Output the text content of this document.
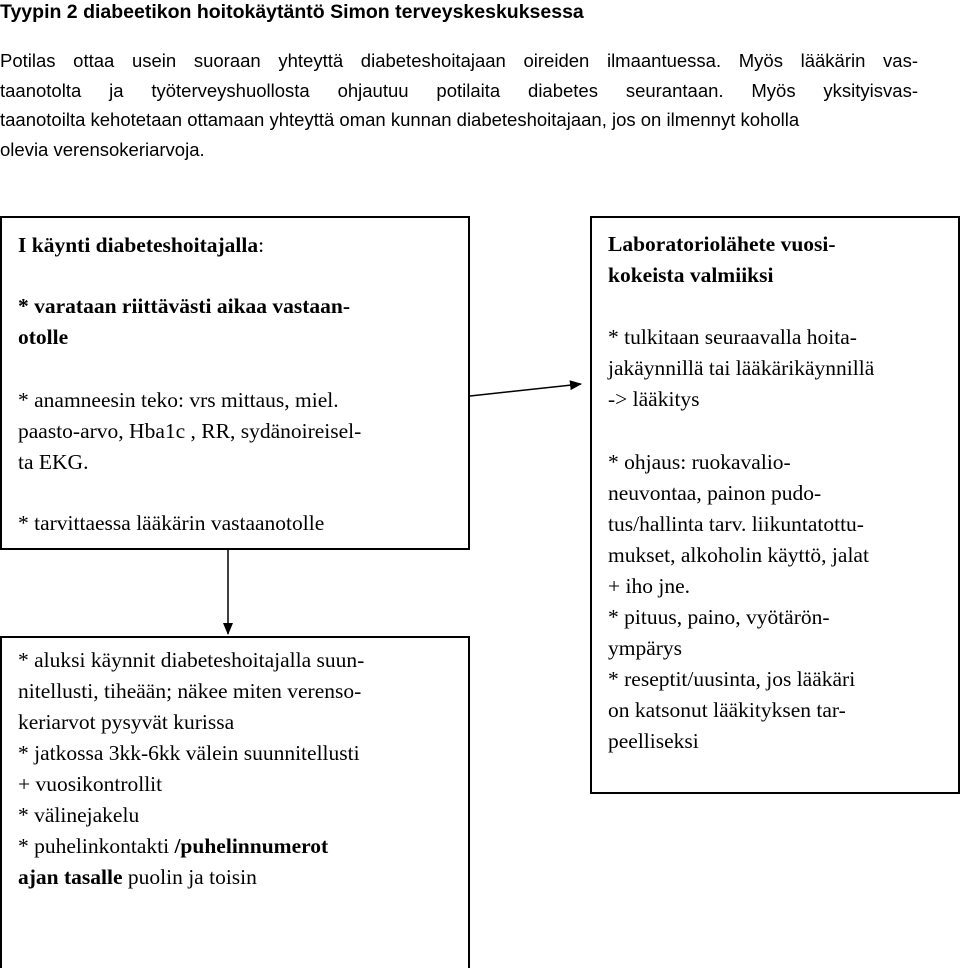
Tyypin 2 diabeetikon hoitokäytäntö Simon terveyskeskuksessa
Potilas ottaa usein suoraan yhteyttä diabeteshoitajaan oireiden ilmaantuessa. Myös lääkärin vas-
taanotolta ja työterveyshuollosta ohjautuu potilaita diabetes seurantaan. Myös yksityisvas-
taanotoilta kehotetaan ottamaan yhteyttä oman kunnan diabeteshoitajaan, jos on ilmennyt koholla
olevia verensokeriarvoja.
I käynti diabeteshoitajalla:
* varataan riittävästi aikaa vastaan-
otolle
* anamneesin teko: vrs mittaus, miel.
paasto-arvo, Hba1c , RR, sydänoireisel-
ta EKG.
* tarvittaessa lääkärin vastaanotolle
* aluksi käynnit diabeteshoitajalla suun-
nitellusti, tiheään; näkee miten verenso-
keriarvot pysyvät kurissa
* jatkossa 3kk-6kk välein suunnitellusti
+ vuosikontrollit
* välinejakelu
* puhelinkontakti /puhelinnumerot
ajan tasalle puolin ja toisin
Laboratoriolähete vuosi-
kokeista valmiiksi
* tulkitaan seuraavalla hoita-
jakäynnillä tai lääkärikäynnillä
-> lääkitys
* ohjaus: ruokavalio-
neuvontaa, painon pudo-
tus/hallinta tarv. liikuntatottu-
mukset, alkoholin käyttö, jalat
+ iho jne.
* pituus, paino, vyötärön-
ympärys
* reseptit/uusinta, jos lääkäri
on katsonut lääkityksen tar-
peelliseksi
